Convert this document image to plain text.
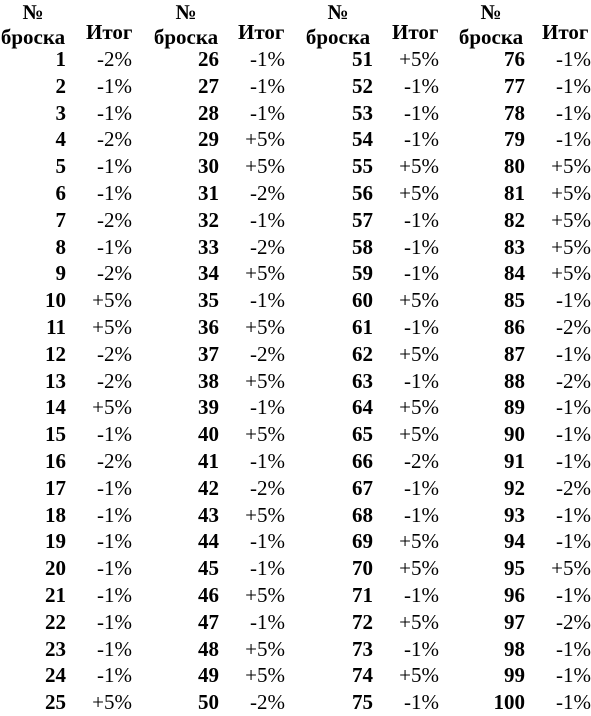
№
броска Итог
1 -2%
2 -1%
3 -1%
4 -2%
5 -1%
6 -1%
7 -2%
8 -1%
9 -2%
10 +5%
11 +5%
12 -2%
13 -2%
14 +5%
15 -1%
16 -2%
17 -1%
18 -1%
19 -1%
20 -1%
21 -1%
22 -1%
23 -1%
24 -1%
25 +5%
№
броска Итог
26 -1%
27 -1%
28 -1%
29 +5%
30 +5%
31 -2%
32 -1%
33 -2%
34 +5%
35 -1%
36 +5%
37 -2%
38 +5%
39 -1%
40 +5%
41 -1%
42 -2%
43 +5%
44 -1%
45 -1%
46 +5%
47 -1%
48 +5%
49 +5%
50 -2%
№
броска Итог
51 +5%
52 -1%
53 -1%
54 -1%
55 +5%
56 +5%
57 -1%
58 -1%
59 -1%
60 +5%
61 -1%
62 +5%
63 -1%
64 +5%
65 +5%
66 -2%
67 -1%
68 -1%
69 +5%
70 +5%
71 -1%
72 +5%
73 -1%
74 +5%
75 -1%
№
броска Итог
76 -1%
77 -1%
78 -1%
79 -1%
80 +5%
81 +5%
82 +5%
83 +5%
84 +5%
85 -1%
86 -2%
87 -1%
88 -2%
89 -1%
90 -1%
91 -1%
92 -2%
93 -1%
94 -1%
95 +5%
96 -1%
97 -2%
98 -1%
99 -1%
100 -1%
